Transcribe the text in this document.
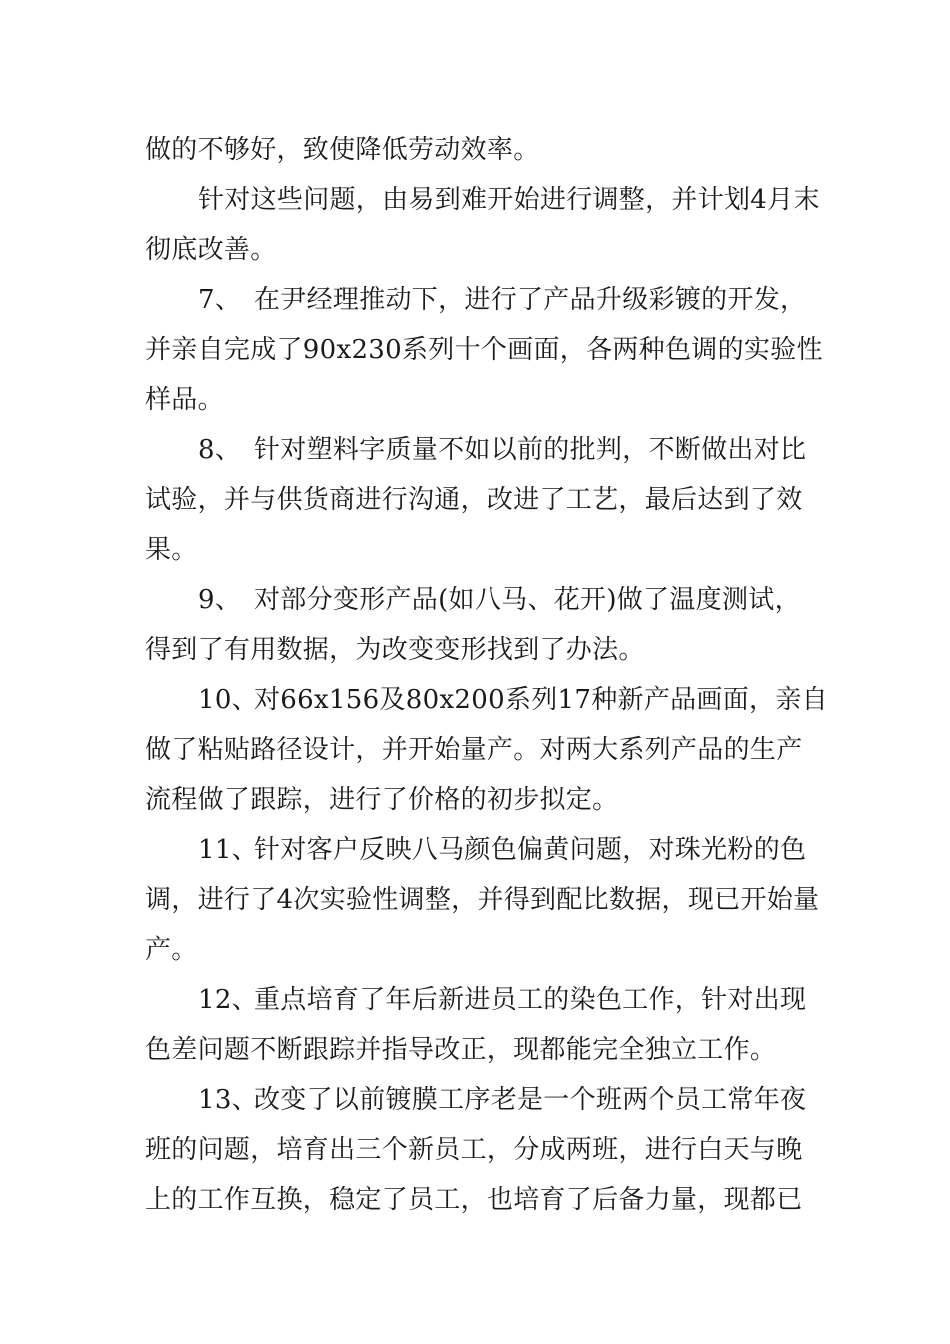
做的不够好，致使降低劳动效率。
针对这些问题，由易到难开始进行调整，并计划4月末
彻底改善。
7、 在尹经理推动下，进行了产品升级彩镀的开发，
并亲自完成了90x230系列十个画面，各两种色调的实验性
样品。
8、 针对塑料字质量不如以前的批判，不断做出对比
试验，并与供货商进行沟通，改进了工艺，最后达到了效
果。
9、 对部分变形产品(如八马、花开)做了温度测试，
得到了有用数据，为改变变形找到了办法。
10、对66x156及80x200系列17种新产品画面，亲自
做了粘贴路径设计，并开始量产。对两大系列产品的生产
流程做了跟踪，进行了价格的初步拟定。
11、针对客户反映八马颜色偏黄问题，对珠光粉的色
调，进行了4次实验性调整，并得到配比数据，现已开始量
产。
12、重点培育了年后新进员工的染色工作，针对出现
色差问题不断跟踪并指导改正，现都能完全独立工作。
13、改变了以前镀膜工序老是一个班两个员工常年夜
班的问题，培育出三个新员工，分成两班，进行白天与晚
上的工作互换，稳定了员工，也培育了后备力量，现都已
